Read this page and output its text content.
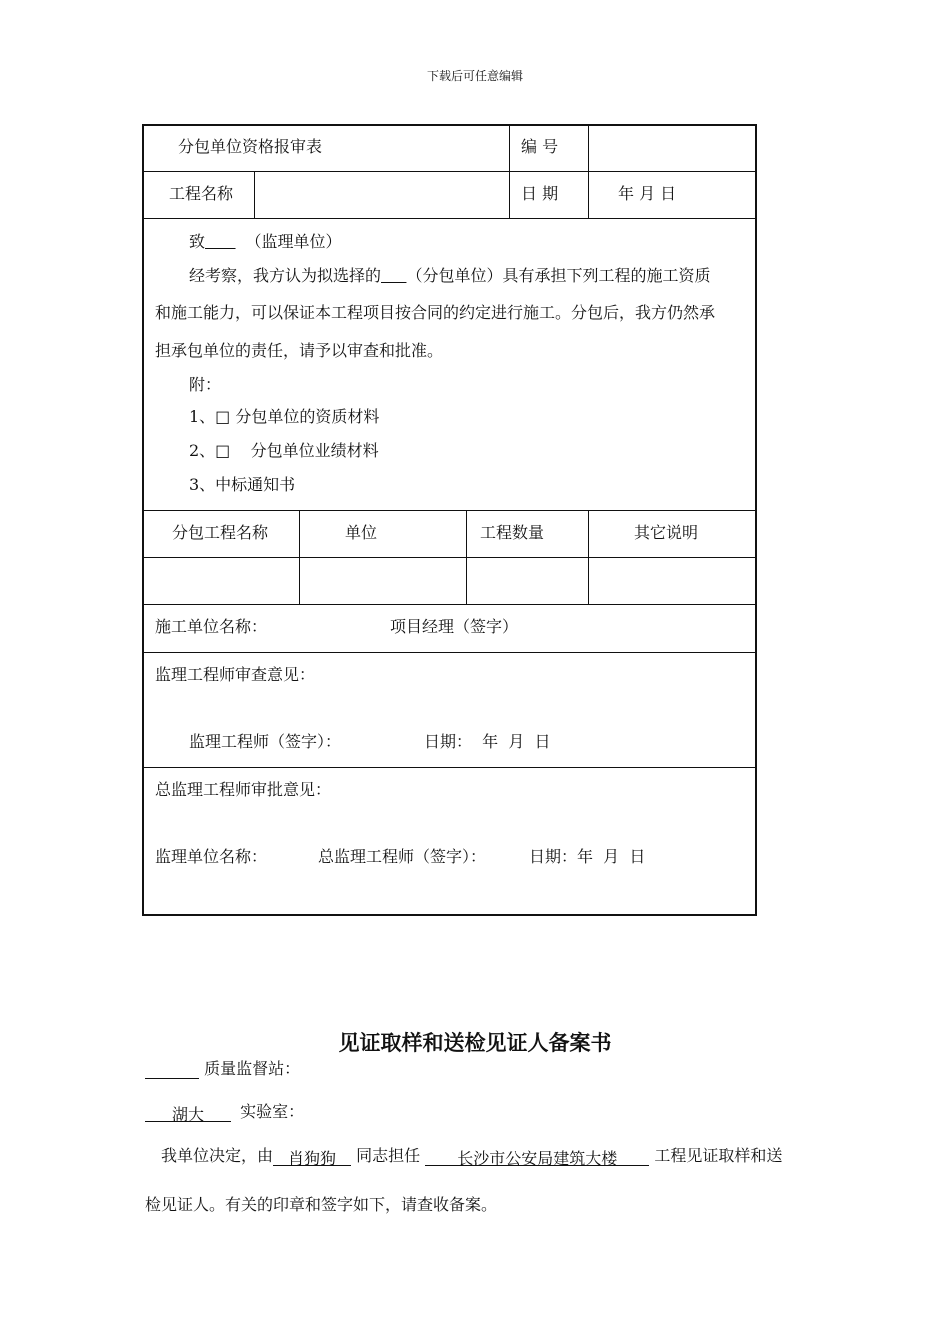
下载后可任意编辑
分包单位资格报审表	编 号
工程名称	日 期	年 月 日
致	（监理单位）
经考察，我方认为拟选择的 （分包单位）具有承担下列工程的施工资质
和施工能力，可以保证本工程项目按合同的约定进行施工。分包后，我方仍然承
担承包单位的责任，请予以审查和批准。
附：
1、□ 分包单位的资质材料
2、□    分包单位业绩材料
3、中标通知书
分包工程名称	单位	工程数量	其它说明
施工单位名称：	项目经理（签字）
监理工程师审查意见：
监理工程师（签字）：	日期：  年  月  日
总监理工程师审批意见：
监理单位名称：	总监理工程师（签字）：	日期：年  月  日
见证取样和送检见证人备案书
质量监督站：
湖大 实验室：
我单位决定，由 肖狗狗 同志担任 长沙市公安局建筑大楼 工程见证取样和送
检见证人。有关的印章和签字如下，请查收备案。
